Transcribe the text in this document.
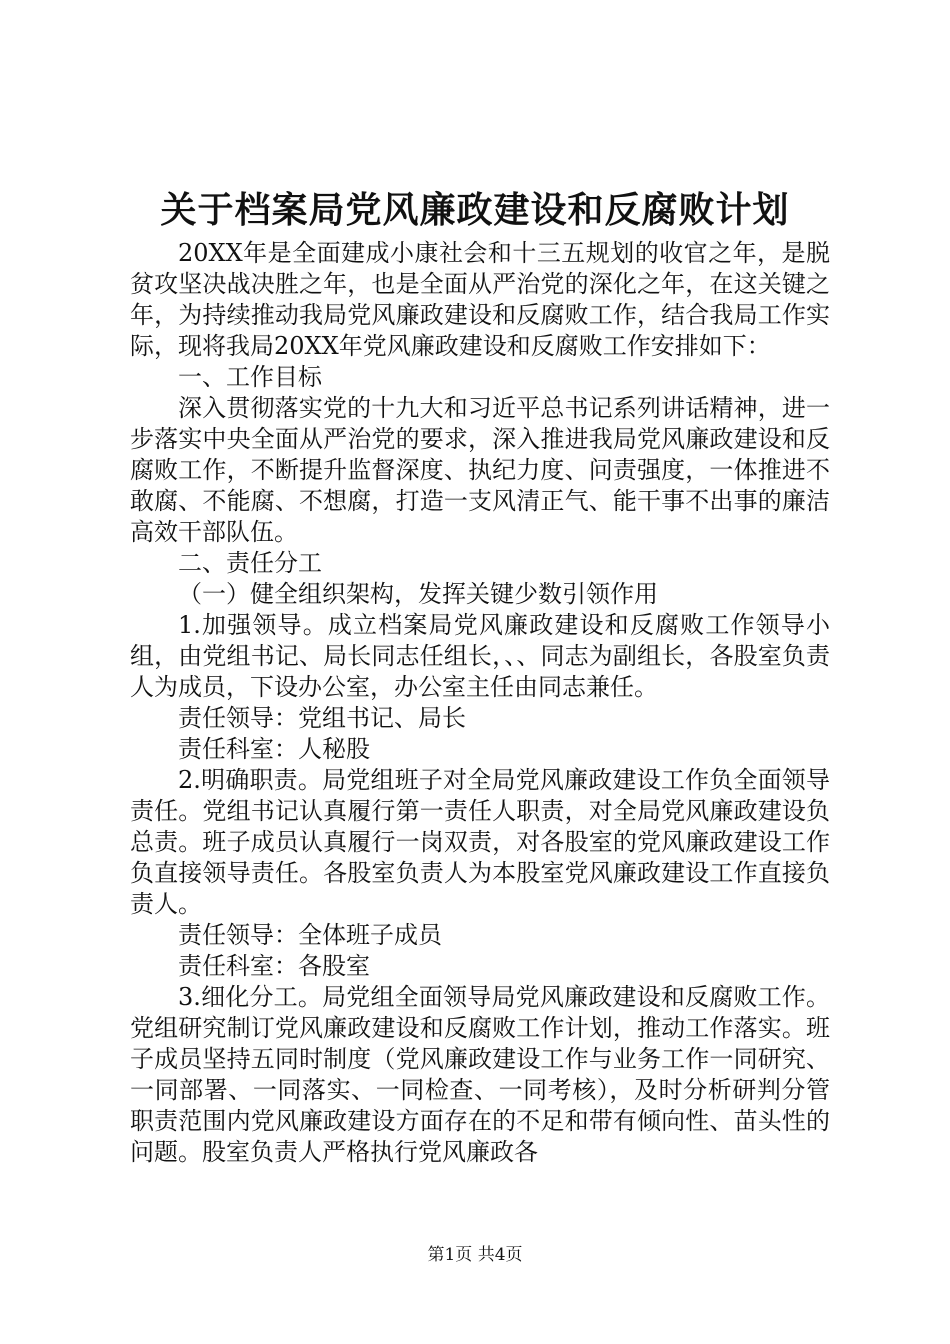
关于档案局党风廉政建设和反腐败计划

20XX年是全面建成小康社会和十三五规划的收官之年，是脱贫攻坚决战决胜之年，也是全面从严治党的深化之年，在这关键之年，为持续推动我局党风廉政建设和反腐败工作，结合我局工作实际，现将我局20XX年党风廉政建设和反腐败工作安排如下：

一、工作目标

深入贯彻落实党的十九大和习近平总书记系列讲话精神，进一步落实中央全面从严治党的要求，深入推进我局党风廉政建设和反腐败工作，不断提升监督深度、执纪力度、问责强度，一体推进不敢腐、不能腐、不想腐，打造一支风清正气、能干事不出事的廉洁高效干部队伍。

二、责任分工

（一）健全组织架构，发挥关键少数引领作用

1.加强领导。成立档案局党风廉政建设和反腐败工作领导小组，由党组书记、局长同志任组长，、、同志为副组长，各股室负责人为成员，下设办公室，办公室主任由同志兼任。

责任领导：党组书记、局长

责任科室：人秘股

2.明确职责。局党组班子对全局党风廉政建设工作负全面领导责任。党组书记认真履行第一责任人职责，对全局党风廉政建设负总责。班子成员认真履行一岗双责，对各股室的党风廉政建设工作负直接领导责任。各股室负责人为本股室党风廉政建设工作直接负责人。

责任领导：全体班子成员

责任科室：各股室

3.细化分工。局党组全面领导局党风廉政建设和反腐败工作。党组研究制订党风廉政建设和反腐败工作计划，推动工作落实。班子成员坚持五同时制度（党风廉政建设工作与业务工作一同研究、一同部署、一同落实、一同检查、一同考核），及时分析研判分管职责范围内党风廉政建设方面存在的不足和带有倾向性、苗头性的问题。股室负责人严格执行党风廉政各

第1页 共4页
